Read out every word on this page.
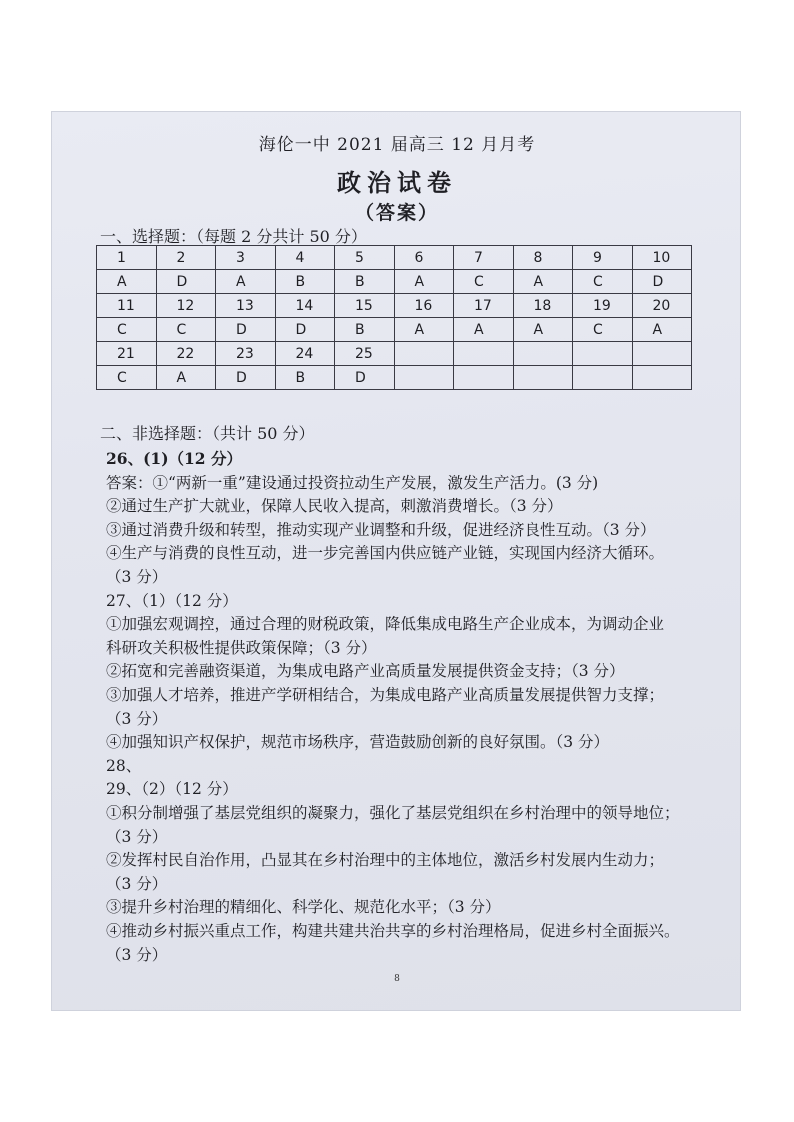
海伦一中 2021 届高三 12 月月考
政治试卷
（答案）
一、选择题：（每题 2 分共计 50 分）
1	2	3	4	5	6	7	8	9	10
A	D	A	B	B	A	C	A	C	D
11	12	13	14	15	16	17	18	19	20
C	C	D	D	B	A	A	A	C	A
21	22	23	24	25					
C	A	D	B	D					
二、非选择题：（共计 50 分）
26、(1)（12 分）
答案：①“两新一重”建设通过投资拉动生产发展，激发生产活力。(3 分)
②通过生产扩大就业，保障人民收入提高，刺激消费增长。（3 分）
③通过消费升级和转型，推动实现产业调整和升级，促进经济良性互动。（3 分）
④生产与消费的良性互动，进一步完善国内供应链产业链，实现国内经济大循环。
（3 分）
27、（1）（12 分）
①加强宏观调控，通过合理的财税政策，降低集成电路生产企业成本，为调动企业
科研攻关积极性提供政策保障；（3 分）
②拓宽和完善融资渠道，为集成电路产业高质量发展提供资金支持；（3 分）
③加强人才培养，推进产学研相结合，为集成电路产业高质量发展提供智力支撑；
（3 分）
④加强知识产权保护，规范市场秩序，营造鼓励创新的良好氛围。（3 分）
28、
29、（2）（12 分）
①积分制增强了基层党组织的凝聚力，强化了基层党组织在乡村治理中的领导地位；
（3 分）
②发挥村民自治作用，凸显其在乡村治理中的主体地位，激活乡村发展内生动力；
（3 分）
③提升乡村治理的精细化、科学化、规范化水平；（3 分）
④推动乡村振兴重点工作，构建共建共治共享的乡村治理格局，促进乡村全面振兴。
（3 分）
8
